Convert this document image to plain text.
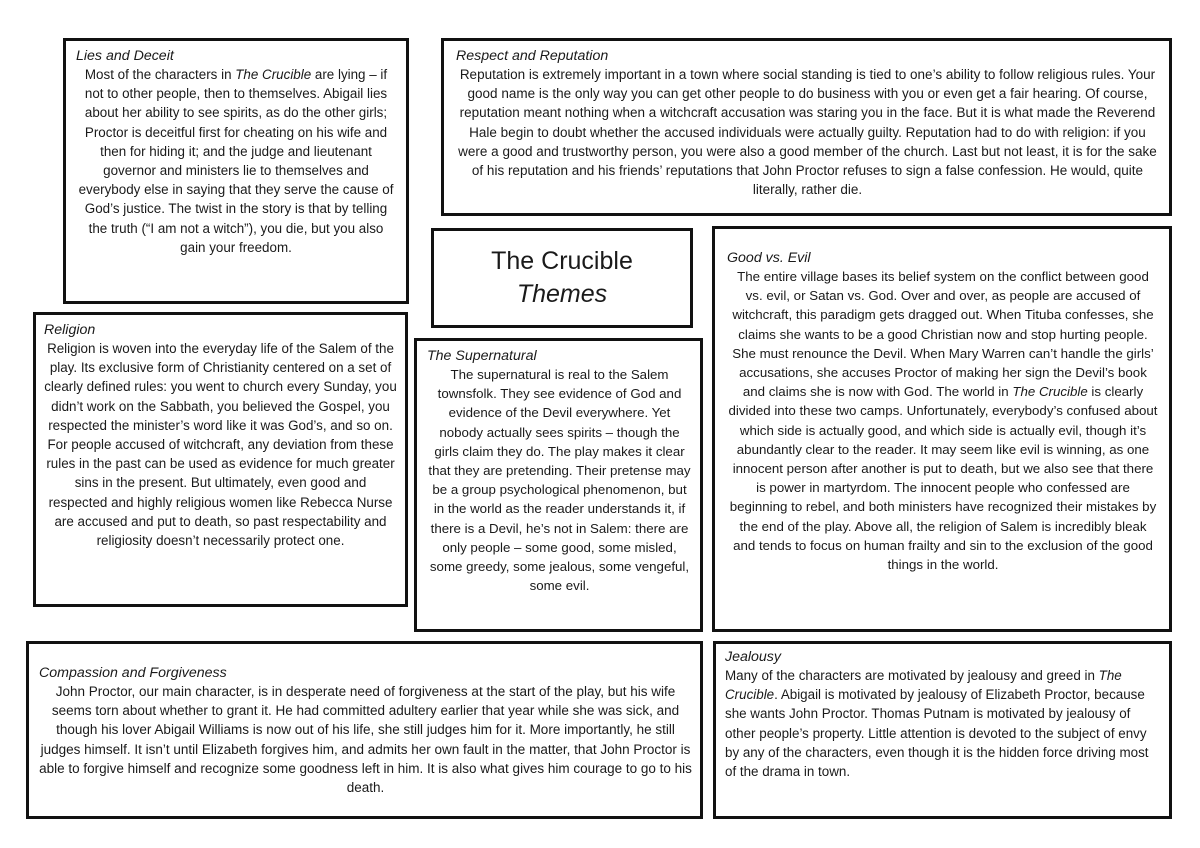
Lies and Deceit

Most of the characters in The Crucible are lying – if not to other people, then to themselves. Abigail lies about her ability to see spirits, as do the other girls; Proctor is deceitful first for cheating on his wife and then for hiding it; and the judge and lieutenant governor and ministers lie to themselves and everybody else in saying that they serve the cause of God’s justice. The twist in the story is that by telling the truth (“I am not a witch”), you die, but you also gain your freedom.

Respect and Reputation

Reputation is extremely important in a town where social standing is tied to one’s ability to follow religious rules. Your good name is the only way you can get other people to do business with you or even get a fair hearing. Of course, reputation meant nothing when a witchcraft accusation was staring you in the face. But it is what made the Reverend Hale begin to doubt whether the accused individuals were actually guilty. Reputation had to do with religion: if you were a good and trustworthy person, you were also a good member of the church. Last but not least, it is for the sake of his reputation and his friends’ reputations that John Proctor refuses to sign a false confession. He would, quite literally, rather die.

The Crucible
Themes
Good vs. Evil

The entire village bases its belief system on the conflict between good vs. evil, or Satan vs. God. Over and over, as people are accused of witchcraft, this paradigm gets dragged out. When Tituba confesses, she claims she wants to be a good Christian now and stop hurting people. She must renounce the Devil. When Mary Warren can’t handle the girls’ accusations, she accuses Proctor of making her sign the Devil’s book and claims she is now with God. The world in The Crucible is clearly divided into these two camps. Unfortunately, everybody’s confused about which side is actually good, and which side is actually evil, though it’s abundantly clear to the reader. It may seem like evil is winning, as one innocent person after another is put to death, but we also see that there is power in martyrdom. The innocent people who confessed are beginning to rebel, and both ministers have recognized their mistakes by the end of the play. Above all, the religion of Salem is incredibly bleak and tends to focus on human frailty and sin to the exclusion of the good things in the world.

Religion

Religion is woven into the everyday life of the Salem of the play. Its exclusive form of Christianity centered on a set of clearly defined rules: you went to church every Sunday, you didn’t work on the Sabbath, you believed the Gospel, you respected the minister’s word like it was God’s, and so on. For people accused of witchcraft, any deviation from these rules in the past can be used as evidence for much greater sins in the present. But ultimately, even good and respected and highly religious women like Rebecca Nurse are accused and put to death, so past respectability and religiosity doesn’t necessarily protect one.

The Supernatural

The supernatural is real to the Salem townsfolk. They see evidence of God and evidence of the Devil everywhere. Yet nobody actually sees spirits – though the girls claim they do. The play makes it clear that they are pretending. Their pretense may be a group psychological phenomenon, but in the world as the reader understands it, if there is a Devil, he’s not in Salem: there are only people – some good, some misled, some greedy, some jealous, some vengeful, some evil.

Compassion and Forgiveness

John Proctor, our main character, is in desperate need of forgiveness at the start of the play, but his wife seems torn about whether to grant it. He had committed adultery earlier that year while she was sick, and though his lover Abigail Williams is now out of his life, she still judges him for it. More importantly, he still judges himself. It isn’t until Elizabeth forgives him, and admits her own fault in the matter, that John Proctor is able to forgive himself and recognize some goodness left in him. It is also what gives him courage to go to his death.

Jealousy

Many of the characters are motivated by jealousy and greed in The Crucible. Abigail is motivated by jealousy of Elizabeth Proctor, because she wants John Proctor. Thomas Putnam is motivated by jealousy of other people’s property. Little attention is devoted to the subject of envy by any of the characters, even though it is the hidden force driving most of the drama in town.
